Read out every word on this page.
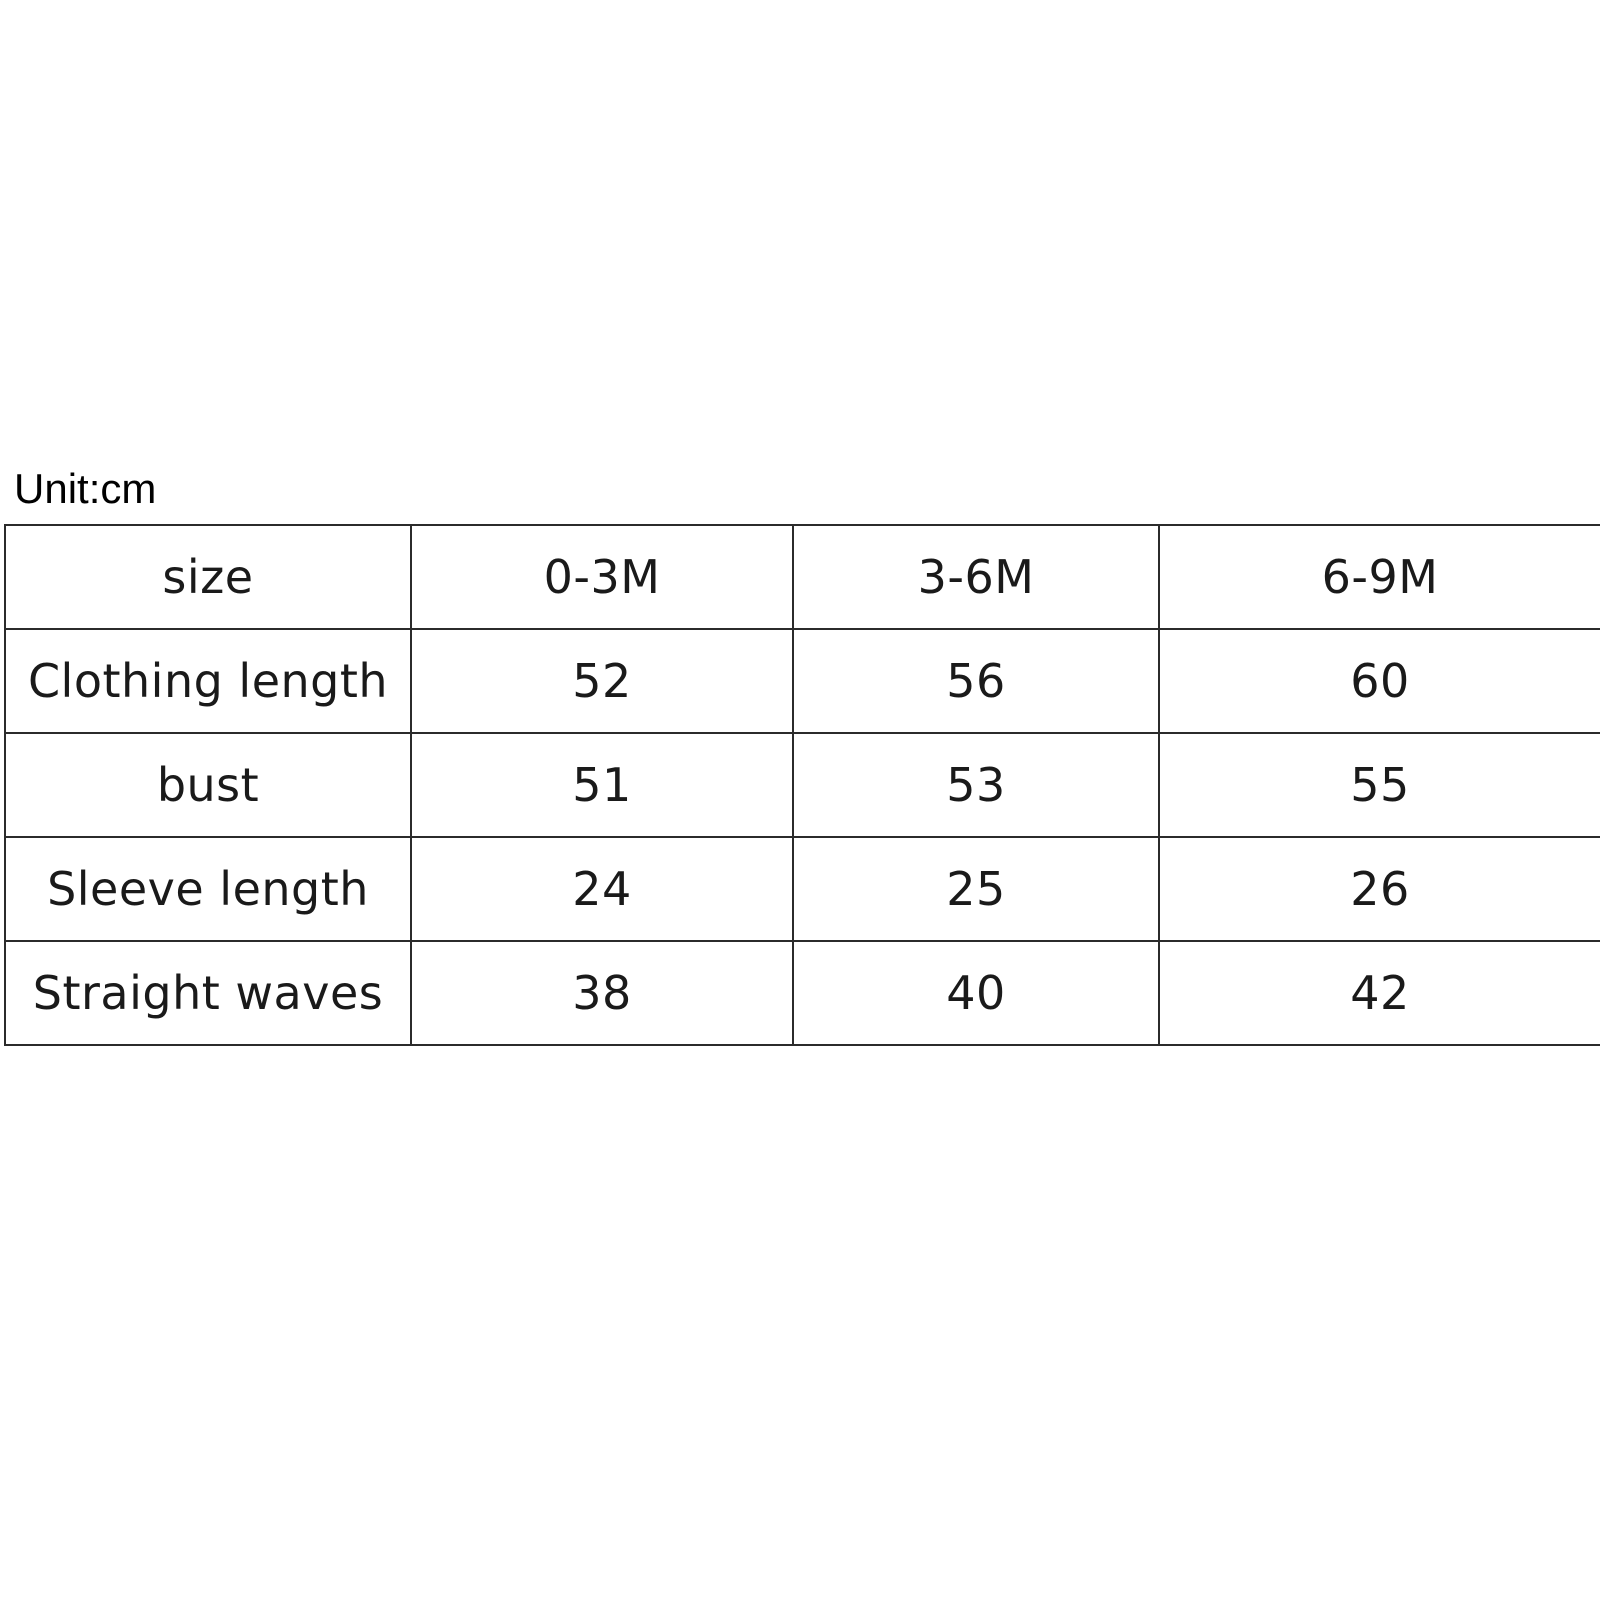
Unit:cm
size	0-3M	3-6M	6-9M
Clothing length	52	56	60
bust	51	53	55
Sleeve length	24	25	26
Straight waves	38	40	42
